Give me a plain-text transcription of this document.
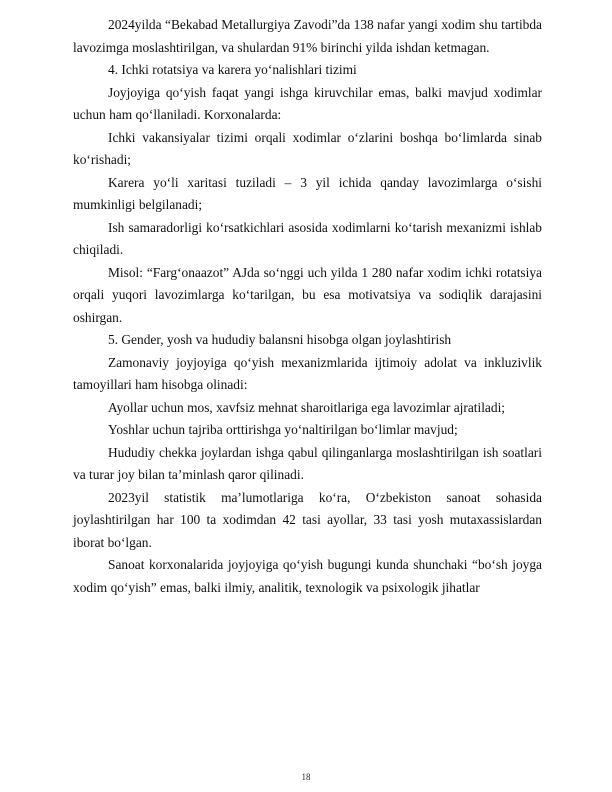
2024yilda “Bekabad Metallurgiya Zavodi”da 138 nafar yangi xodim shu tartibda lavozimga moslashtirilgan, va shulardan 91% birinchi yilda ishdan ketmagan.

4. Ichki rotatsiya va karera yo‘nalishlari tizimi

Joyjoyiga qo‘yish faqat yangi ishga kiruvchilar emas, balki mavjud xodimlar uchun ham qo‘llaniladi. Korxonalarda:

Ichki vakansiyalar tizimi orqali xodimlar o‘zlarini boshqa bo‘limlarda sinab ko‘rishadi;

Karera yo‘li xaritasi tuziladi – 3 yil ichida qanday lavozimlarga o‘sishi mumkinligi belgilanadi;

Ish samaradorligi ko‘rsatkichlari asosida xodimlarni ko‘tarish mexanizmi ishlab chiqiladi.

Misol: “Farg‘onaazot” AJda so‘nggi uch yilda 1 280 nafar xodim ichki rotatsiya orqali yuqori lavozimlarga ko‘tarilgan, bu esa motivatsiya va sodiqlik darajasini oshirgan.

5. Gender, yosh va hududiy balansni hisobga olgan joylashtirish

Zamonaviy joyjoyiga qo‘yish mexanizmlarida ijtimoiy adolat va inkluzivlik tamoyillari ham hisobga olinadi:

Ayollar uchun mos, xavfsiz mehnat sharoitlariga ega lavozimlar ajratiladi;

Yoshlar uchun tajriba orttirishga yo‘naltirilgan bo‘limlar mavjud;

Hududiy chekka joylardan ishga qabul qilinganlarga moslashtirilgan ish soatlari va turar joy bilan ta’minlash qaror qilinadi.

2023yil statistik ma’lumotlariga ko‘ra, O‘zbekiston sanoat sohasida joylashtirilgan har 100 ta xodimdan 42 tasi ayollar, 33 tasi yosh mutaxassislardan iborat bo‘lgan.

Sanoat korxonalarida joyjoyiga qo‘yish bugungi kunda shunchaki “bo‘sh joyga xodim qo‘yish” emas, balki ilmiy, analitik, texnologik va psixologik jihatlar

18
